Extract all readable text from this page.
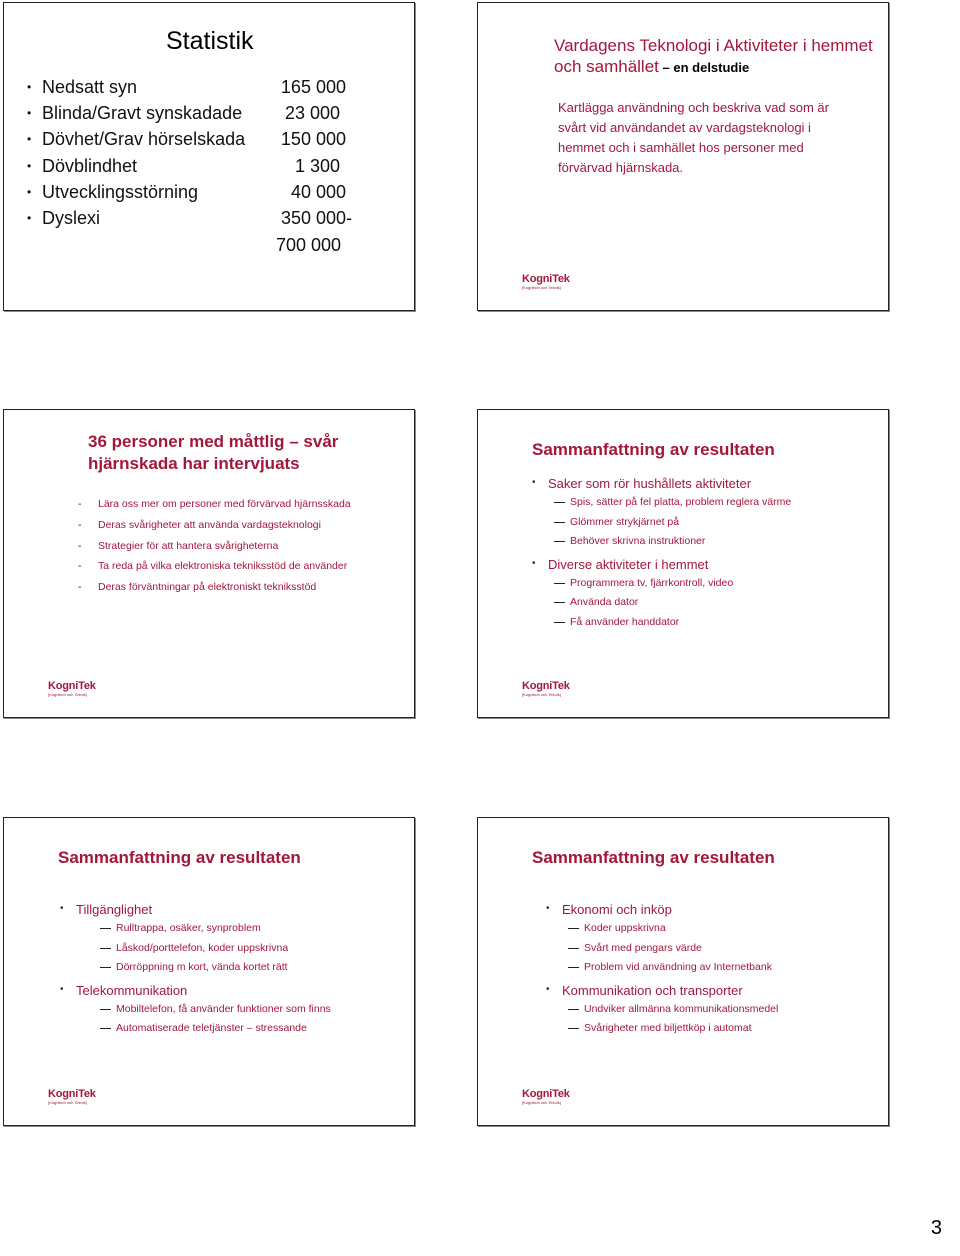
Statistik
• Nedsatt syn	165 000
• Blinda/Gravt synskadade 23 000
• Dövhet/Grav hörselskada 150 000
• Dövblindhet	1 300
• Utvecklingsstörning	40 000
• Dyslexi	350 000-
700 000
Vardagens Teknologi i Aktiviteter i hemmet och samhället – en delstudie
Kartlägga användning och beskriva vad som är svårt vid användandet av vardagsteknologi i hemmet och i samhället hos personer med förvärvad hjärnskada.
KogniTek
[Kognition och Teknik]
36 personer med måttlig – svår hjärnskada har intervjuats
- Lära oss mer om personer med förvärvad hjärnsskada
- Deras svårigheter att använda vardagsteknologi
- Strategier för att hantera svårigheterna
- Ta reda på vilka elektroniska tekniksstöd de använder
- Deras förväntningar på elektroniskt tekniksstöd
KogniTek
[Kognition och Teknik]
Sammanfattning av resultaten
• Saker som rör hushållets aktiviteter
Spis, sätter på fel platta, problem reglera värme
Glömmer strykjärnet på
Behöver skrivna instruktioner
• Diverse aktiviteter i hemmet
Programmera tv, fjärrkontroll, video
Använda dator
Få använder handdator
KogniTek
[Kognition och Teknik]
Sammanfattning av resultaten
• Tillgänglighet
Rulltrappa, osäker, synproblem
Låskod/porttelefon, koder uppskrivna
Dörröppning m kort, vända kortet rätt
• Telekommunikation
Mobiltelefon, få använder funktioner som finns
Automatiserade teletjänster – stressande
KogniTek
[Kognition och Teknik]
Sammanfattning av resultaten
• Ekonomi och inköp
Koder uppskrivna
Svårt med pengars värde
Problem vid användning av Internetbank
• Kommunikation och transporter
Undviker allmänna kommunikationsmedel
Svårigheter med biljettköp i automat
KogniTek
[Kognition och Teknik]
3
